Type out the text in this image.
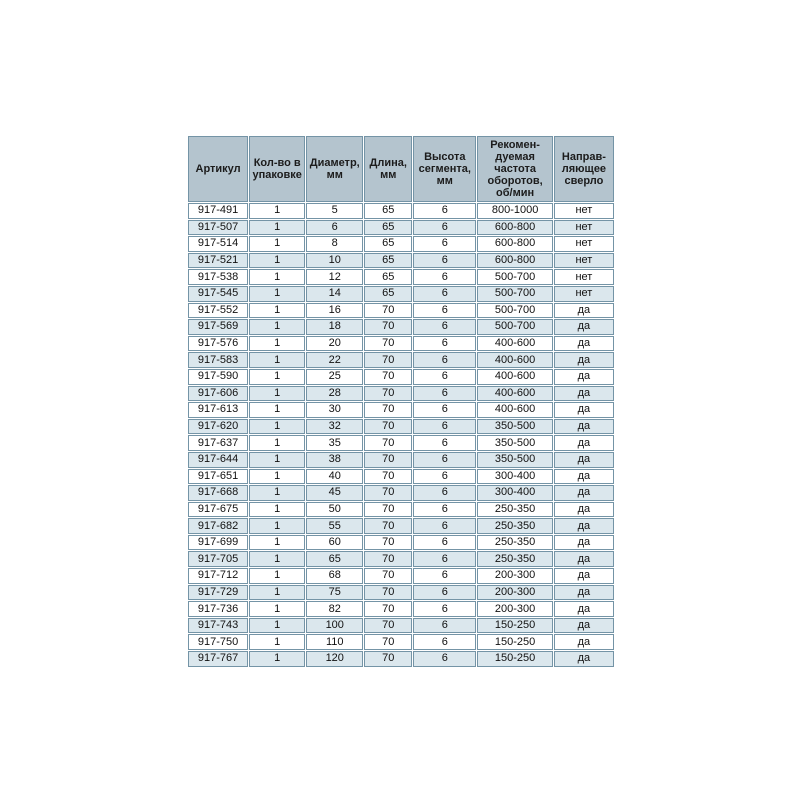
Артикул	Кол-во в упаковке	Диаметр, мм	Длина, мм	Высота сегмента, мм	Рекомен- дуемая частота оборотов, об/мин	Направ- ляющее сверло
917-491	1	5	65	6	800-1000	нет
917-507	1	6	65	6	600-800	нет
917-514	1	8	65	6	600-800	нет
917-521	1	10	65	6	600-800	нет
917-538	1	12	65	6	500-700	нет
917-545	1	14	65	6	500-700	нет
917-552	1	16	70	6	500-700	да
917-569	1	18	70	6	500-700	да
917-576	1	20	70	6	400-600	да
917-583	1	22	70	6	400-600	да
917-590	1	25	70	6	400-600	да
917-606	1	28	70	6	400-600	да
917-613	1	30	70	6	400-600	да
917-620	1	32	70	6	350-500	да
917-637	1	35	70	6	350-500	да
917-644	1	38	70	6	350-500	да
917-651	1	40	70	6	300-400	да
917-668	1	45	70	6	300-400	да
917-675	1	50	70	6	250-350	да
917-682	1	55	70	6	250-350	да
917-699	1	60	70	6	250-350	да
917-705	1	65	70	6	250-350	да
917-712	1	68	70	6	200-300	да
917-729	1	75	70	6	200-300	да
917-736	1	82	70	6	200-300	да
917-743	1	100	70	6	150-250	да
917-750	1	110	70	6	150-250	да
917-767	1	120	70	6	150-250	да
